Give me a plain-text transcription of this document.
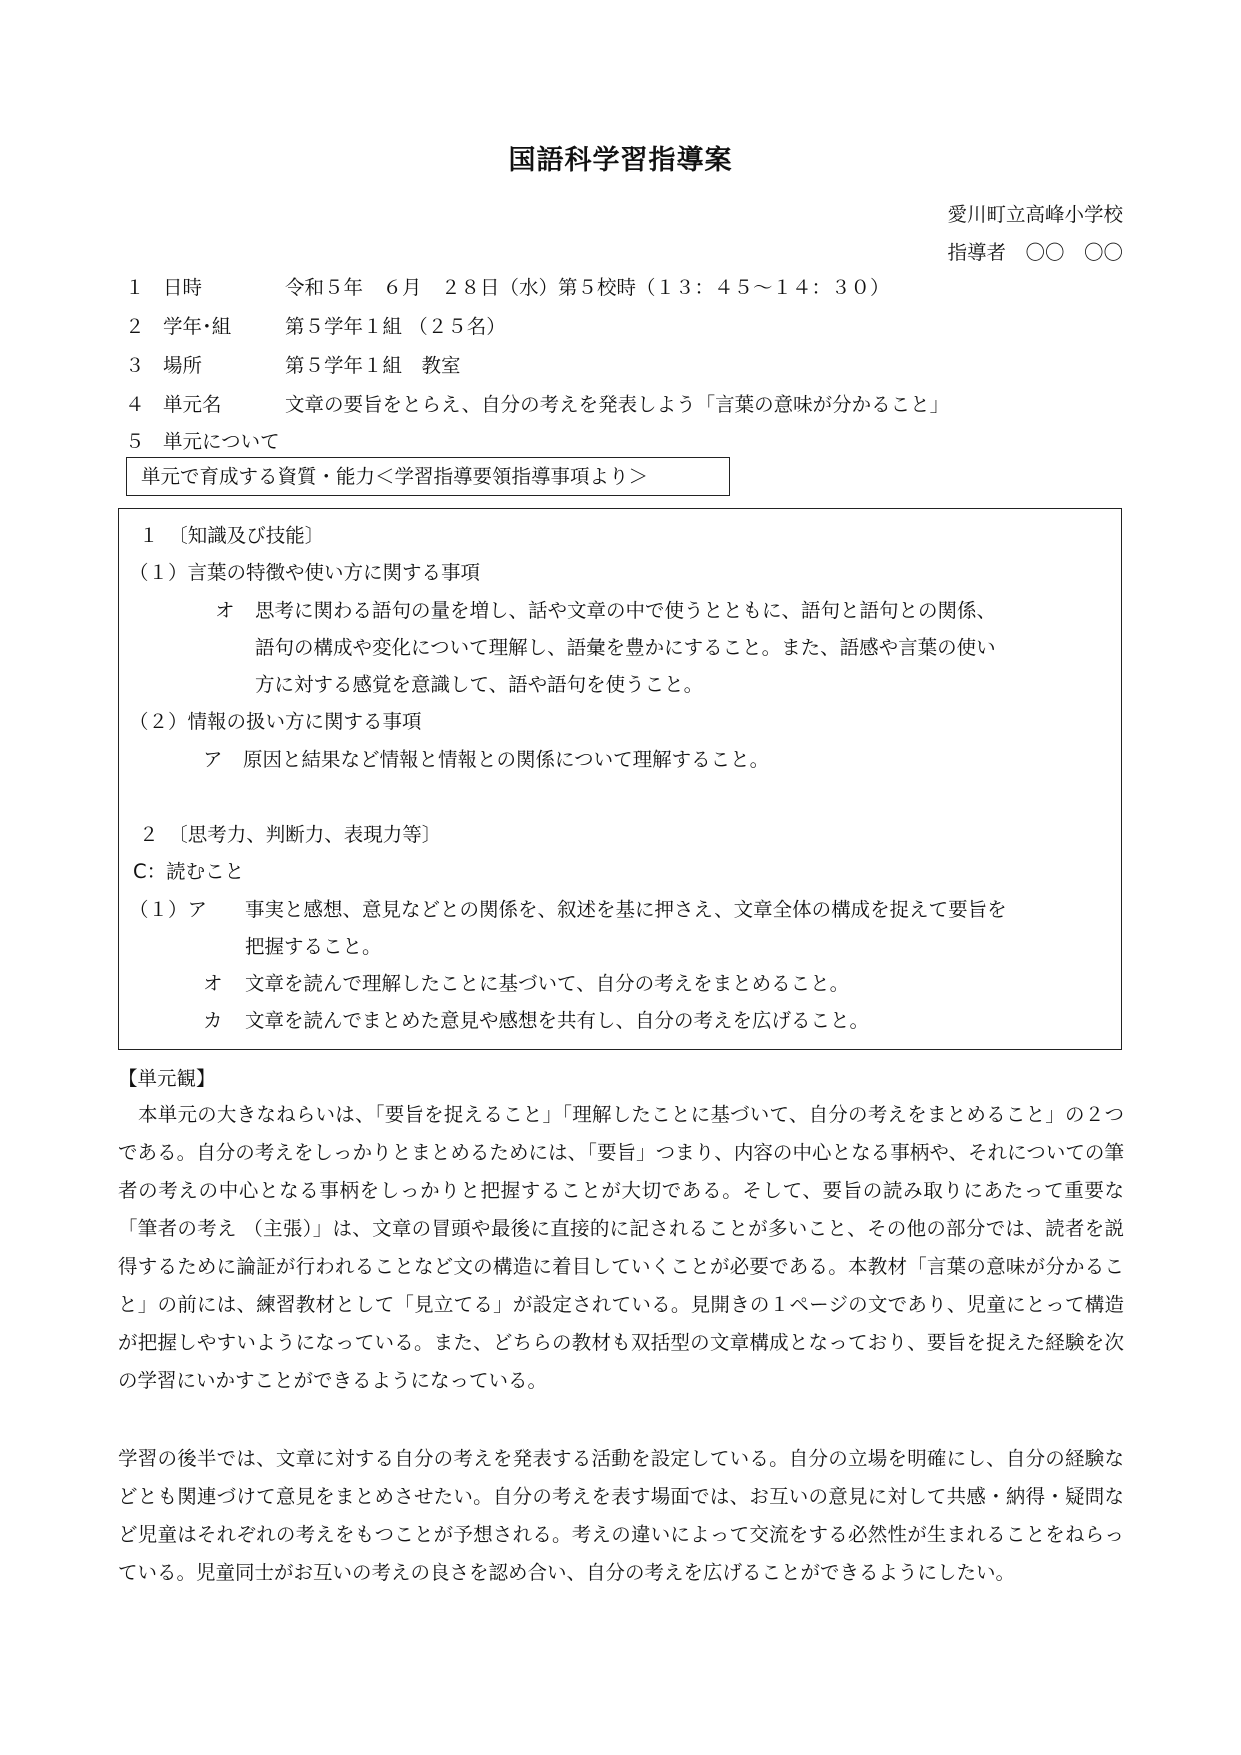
国語科学習指導案
愛川町立高峰小学校
指導者　〇〇　〇〇
１ 日時	令和５年　６月　２８日（水）第５校時（１３：４５～１４：３０）
２ 学年･組	第５学年１組 （２５名）
３ 場所	第５学年１組　教室
４ 単元名	文章の要旨をとらえ、自分の考えを発表しよう「言葉の意味が分かること」
５ 単元について
単元で育成する資質・能力＜学習指導要領指導事項より＞
１　〔知識及び技能〕
（１）言葉の特徴や使い方に関する事項
オ 思考に関わる語句の量を増し、話や文章の中で使うとともに、語句と語句との関係、
語句の構成や変化について理解し、語彙を豊かにすること。また、語感や言葉の使い
方に対する感覚を意識して、語や語句を使うこと。
（２）情報の扱い方に関する事項
ア 原因と結果など情報と情報との関係について理解すること。
２　〔思考力、判断力、表現力等〕
C：読むこと
（１）ア 事実と感想、意見などとの関係を、叙述を基に押さえ、文章全体の構成を捉えて要旨を
把握すること。
オ 文章を読んで理解したことに基づいて、自分の考えをまとめること。
カ 文章を読んでまとめた意見や感想を共有し、自分の考えを広げること。
【単元観】
本単元の大きなねらいは、「要旨を捉えること」「理解したことに基づいて、自分の考えをまとめること」の２つである。自分の考えをしっかりとまとめるためには、「要旨」つまり、内容の中心となる事柄や、それについての筆者の考えの中心となる事柄をしっかりと把握することが大切である。そして、要旨の読み取りにあたって重要な「筆者の考え （主張）」は、文章の冒頭や最後に直接的に記されることが多いこと、その他の部分では、読者を説得するために論証が行われることなど文の構造に着目していくことが必要である。本教材「言葉の意味が分かること」の前には、練習教材として「見立てる」が設定されている。見開きの１ページの文であり、児童にとって構造が把握しやすいようになっている。また、どちらの教材も双括型の文章構成となっており、要旨を捉えた経験を次の学習にいかすことができるようになっている。
学習の後半では、文章に対する自分の考えを発表する活動を設定している。自分の立場を明確にし、自分の経験などとも関連づけて意見をまとめさせたい。自分の考えを表す場面では、お互いの意見に対して共感・納得・疑問など児童はそれぞれの考えをもつことが予想される。考えの違いによって交流をする必然性が生まれることをねらっている。児童同士がお互いの考えの良さを認め合い、自分の考えを広げることができるようにしたい。
